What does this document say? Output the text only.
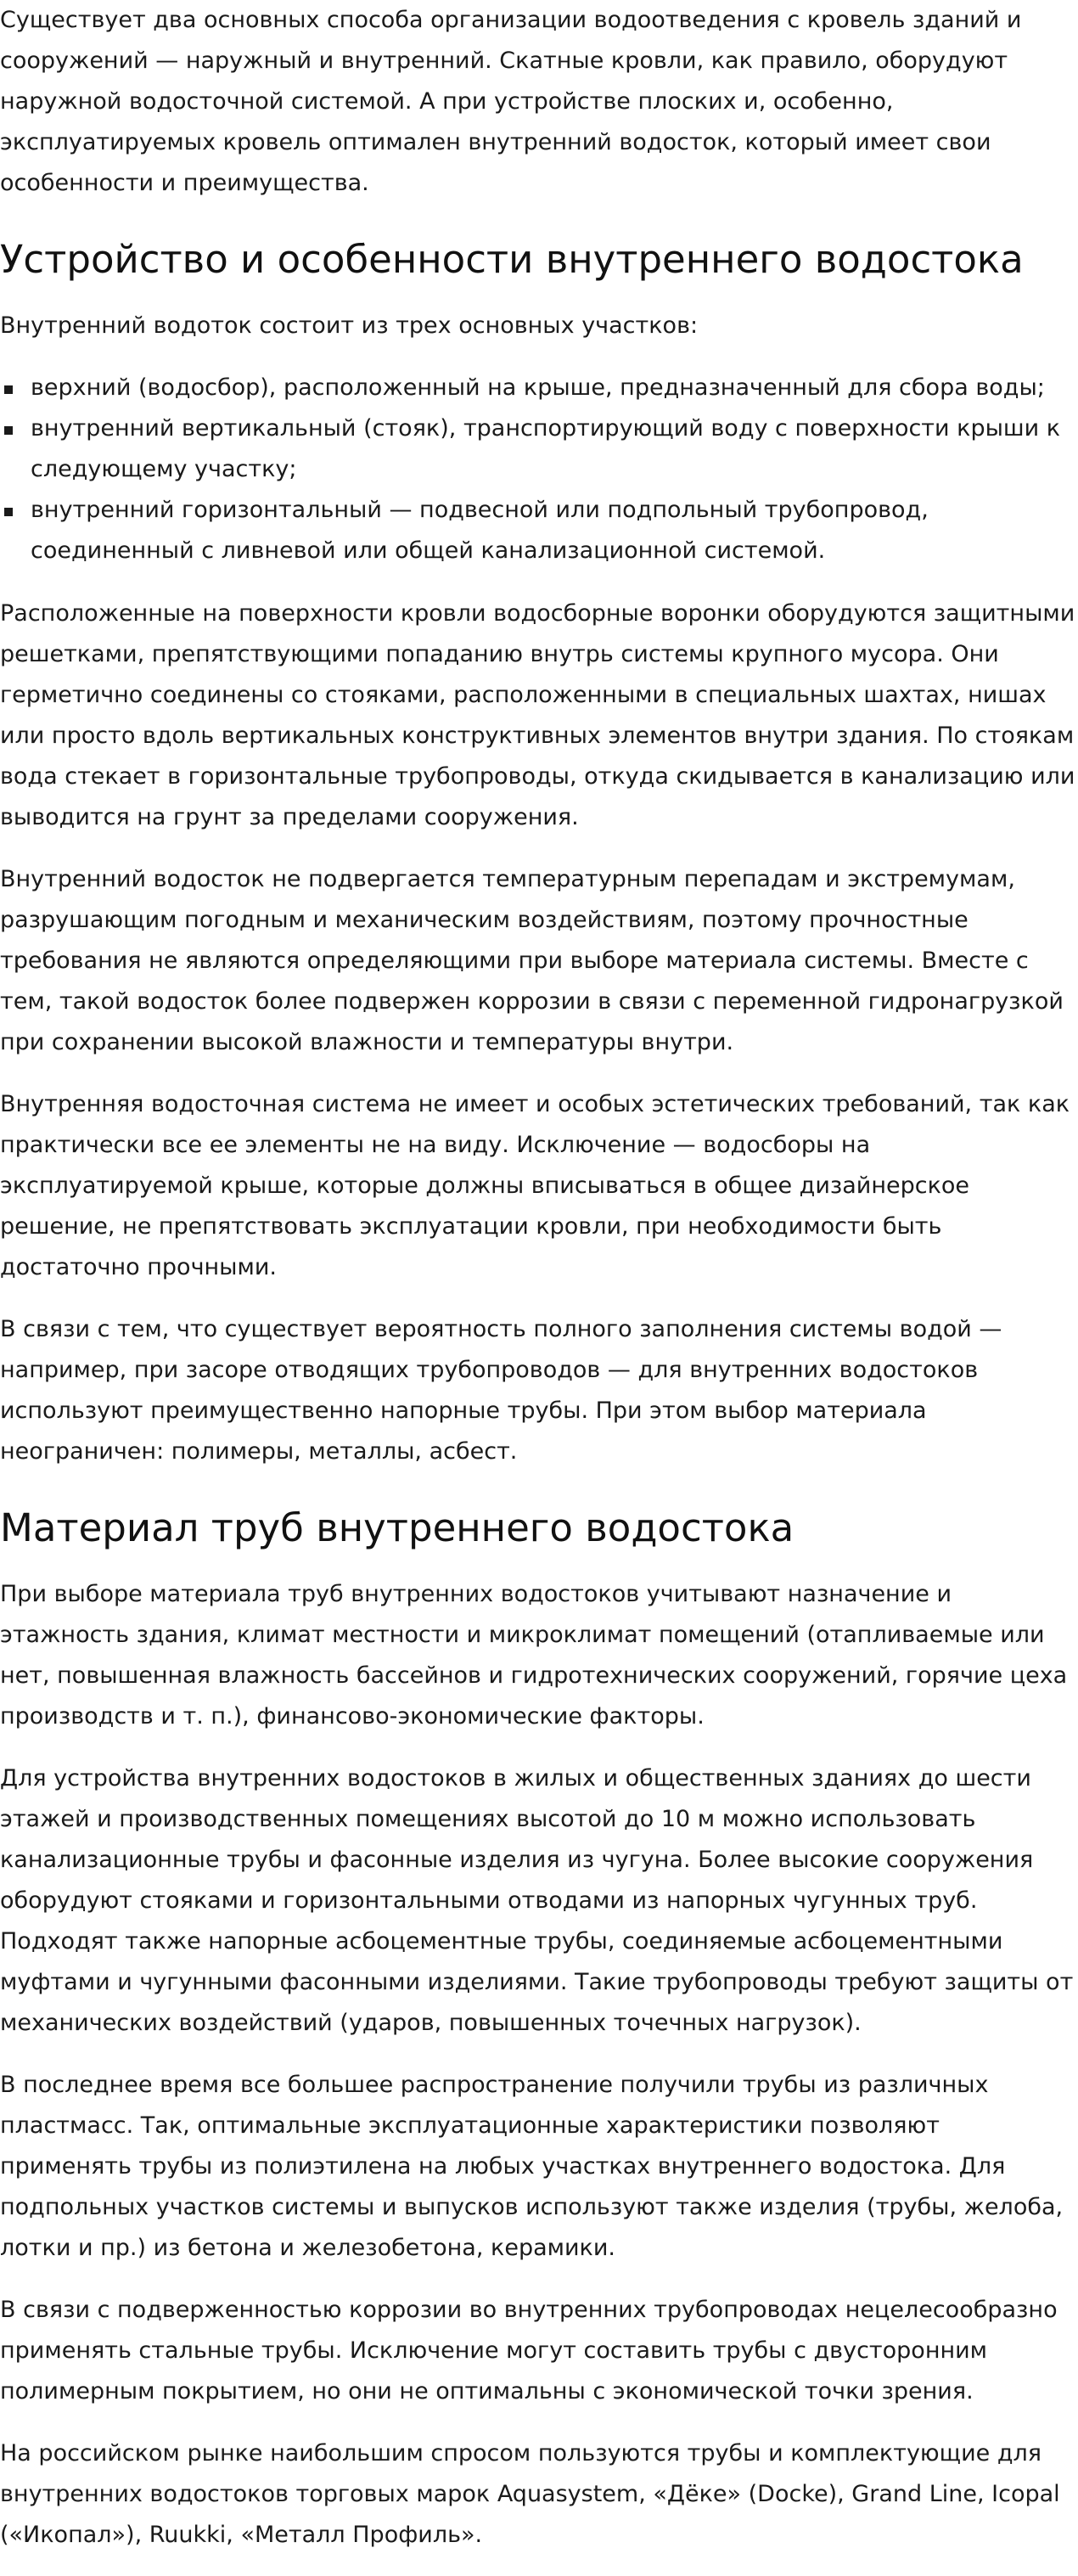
Существует два основных способа организации водоотведения с кровель зданий и сооружений — наружный и внутренний. Скатные кровли, как правило, оборудуют наружной водосточной системой. А при устройстве плоских и, особенно, эксплуатируемых кровель оптимален внутренний водосток, который имеет свои особенности и преимущества.

Устройство и особенности внутреннего водостока

Внутренний водоток состоит из трех основных участков:

верхний (водосбор), расположенный на крыше, предназначенный для сбора воды;
внутренний вертикальный (стояк), транспортирующий воду с поверхности крыши к следующему участку;
внутренний горизонтальный — подвесной или подпольный трубопровод, соединенный с ливневой или общей канализационной системой.

Расположенные на поверхности кровли водосборные воронки оборудуются защитными решетками, препятствующими попаданию внутрь системы крупного мусора. Они герметично соединены со стояками, расположенными в специальных шахтах, нишах или просто вдоль вертикальных конструктивных элементов внутри здания. По стоякам вода стекает в горизонтальные трубопроводы, откуда скидывается в канализацию или выводится на грунт за пределами сооружения.

Внутренний водосток не подвергается температурным перепадам и экстремумам, разрушающим погодным и механическим воздействиям, поэтому прочностные требования не являются определяющими при выборе материала системы. Вместе с тем, такой водосток более подвержен коррозии в связи с переменной гидронагрузкой при сохранении высокой влажности и температуры внутри.

Внутренняя водосточная система не имеет и особых эстетических требований, так как практически все ее элементы не на виду. Исключение — водосборы на эксплуатируемой крыше, которые должны вписываться в общее дизайнерское решение, не препятствовать эксплуатации кровли, при необходимости быть достаточно прочными.

В связи с тем, что существует вероятность полного заполнения системы водой — например, при засоре отводящих трубопроводов — для внутренних водостоков используют преимущественно напорные трубы. При этом выбор материала неограничен: полимеры, металлы, асбест.

Материал труб внутреннего водостока

При выборе материала труб внутренних водостоков учитывают назначение и этажность здания, климат местности и микроклимат помещений (отапливаемые или нет, повышенная влажность бассейнов и гидротехнических сооружений, горячие цеха производств и т. п.), финансово-экономические факторы.

Для устройства внутренних водостоков в жилых и общественных зданиях до шести этажей и производственных помещениях высотой до 10 м можно использовать канализационные трубы и фасонные изделия из чугуна. Более высокие сооружения оборудуют стояками и горизонтальными отводами из напорных чугунных труб. Подходят также напорные асбоцементные трубы, соединяемые асбоцементными муфтами и чугунными фасонными изделиями. Такие трубопроводы требуют защиты от механических воздействий (ударов, повышенных точечных нагрузок).

В последнее время все большее распространение получили трубы из различных пластмасс. Так, оптимальные эксплуатационные характеристики позволяют применять трубы из полиэтилена на любых участках внутреннего водостока. Для подпольных участков системы и выпусков используют также изделия (трубы, желоба, лотки и пр.) из бетона и железобетона, керамики.

В связи с подверженностью коррозии во внутренних трубопроводах нецелесообразно применять стальные трубы. Исключение могут составить трубы с двусторонним полимерным покрытием, но они не оптимальны с экономической точки зрения.

На российском рынке наибольшим спросом пользуются трубы и комплектующие для внутренних водостоков торговых марок Aquasystem, «Дёке» (Docke), Grand Line, Icopal («Икопал»), Ruukki, «Металл Профиль».
